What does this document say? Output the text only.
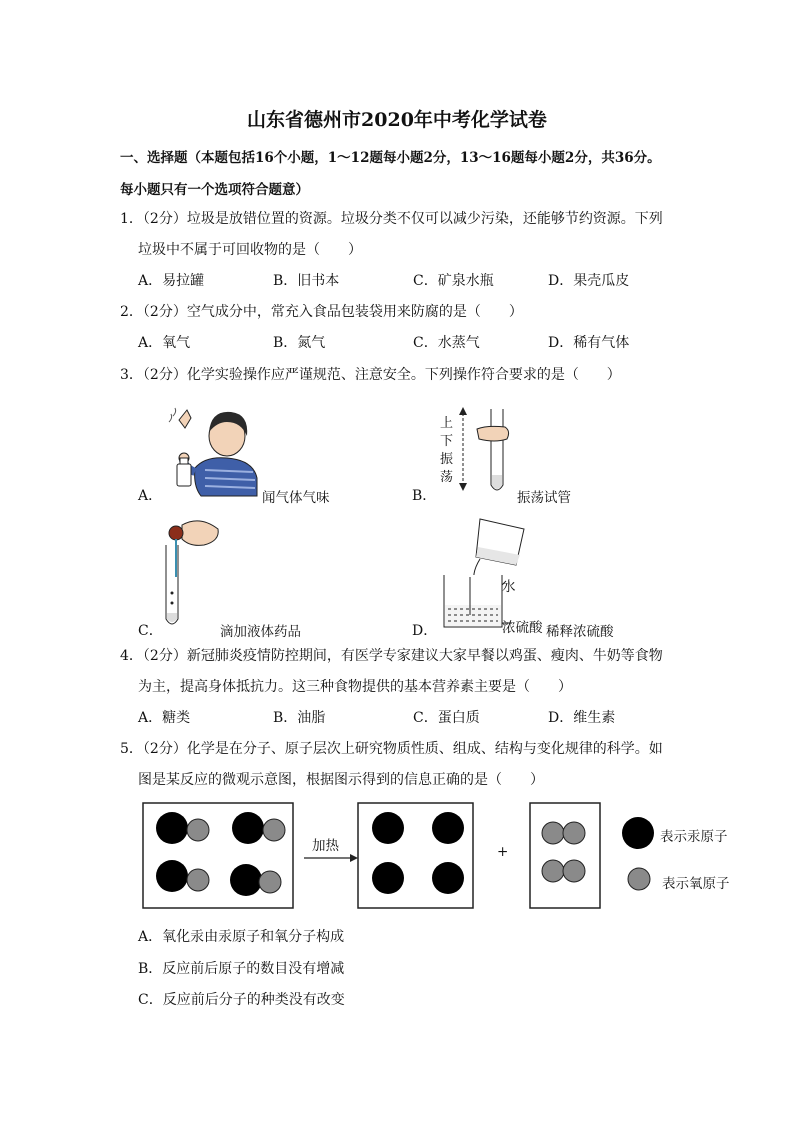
山东省德州市2020年中考化学试卷
一、选择题（本题包括16个小题，1～12题每小题2分，13～16题每小题2分，共36分。
每小题只有一个选项符合题意）
1．（2分）垃圾是放错位置的资源。垃圾分类不仅可以减少污染，还能够节约资源。下列
垃圾中不属于可回收物的是（　　）
A．易拉罐	B．旧书本	C．矿泉水瓶	D．果壳瓜皮
2．（2分）空气成分中，常充入食品包装袋用来防腐的是（　　）
A．氧气	B．氮气	C．水蒸气	D．稀有气体
3．（2分）化学实验操作应严谨规范、注意安全。下列操作符合要求的是（　　）
A．	闻气体气味	B．
上
下
振
荡
振荡试管
C．	滴加液体药品	D．
水
浓硫酸 稀释浓硫酸
4．（2分）新冠肺炎疫情防控期间，有医学专家建议大家早餐以鸡蛋、瘦肉、牛奶等食物
为主，提高身体抵抗力。这三种食物提供的基本营养素主要是（　　）
A．糖类	B．油脂	C．蛋白质	D．维生素
5．（2分）化学是在分子、原子层次上研究物质性质、组成、结构与变化规律的科学。如
图是某反应的微观示意图，根据图示得到的信息正确的是（　　）
加热	+
表示汞原子
表示氧原子
A．氧化汞由汞原子和氧分子构成
B．反应前后原子的数目没有增减
C．反应前后分子的种类没有改变
